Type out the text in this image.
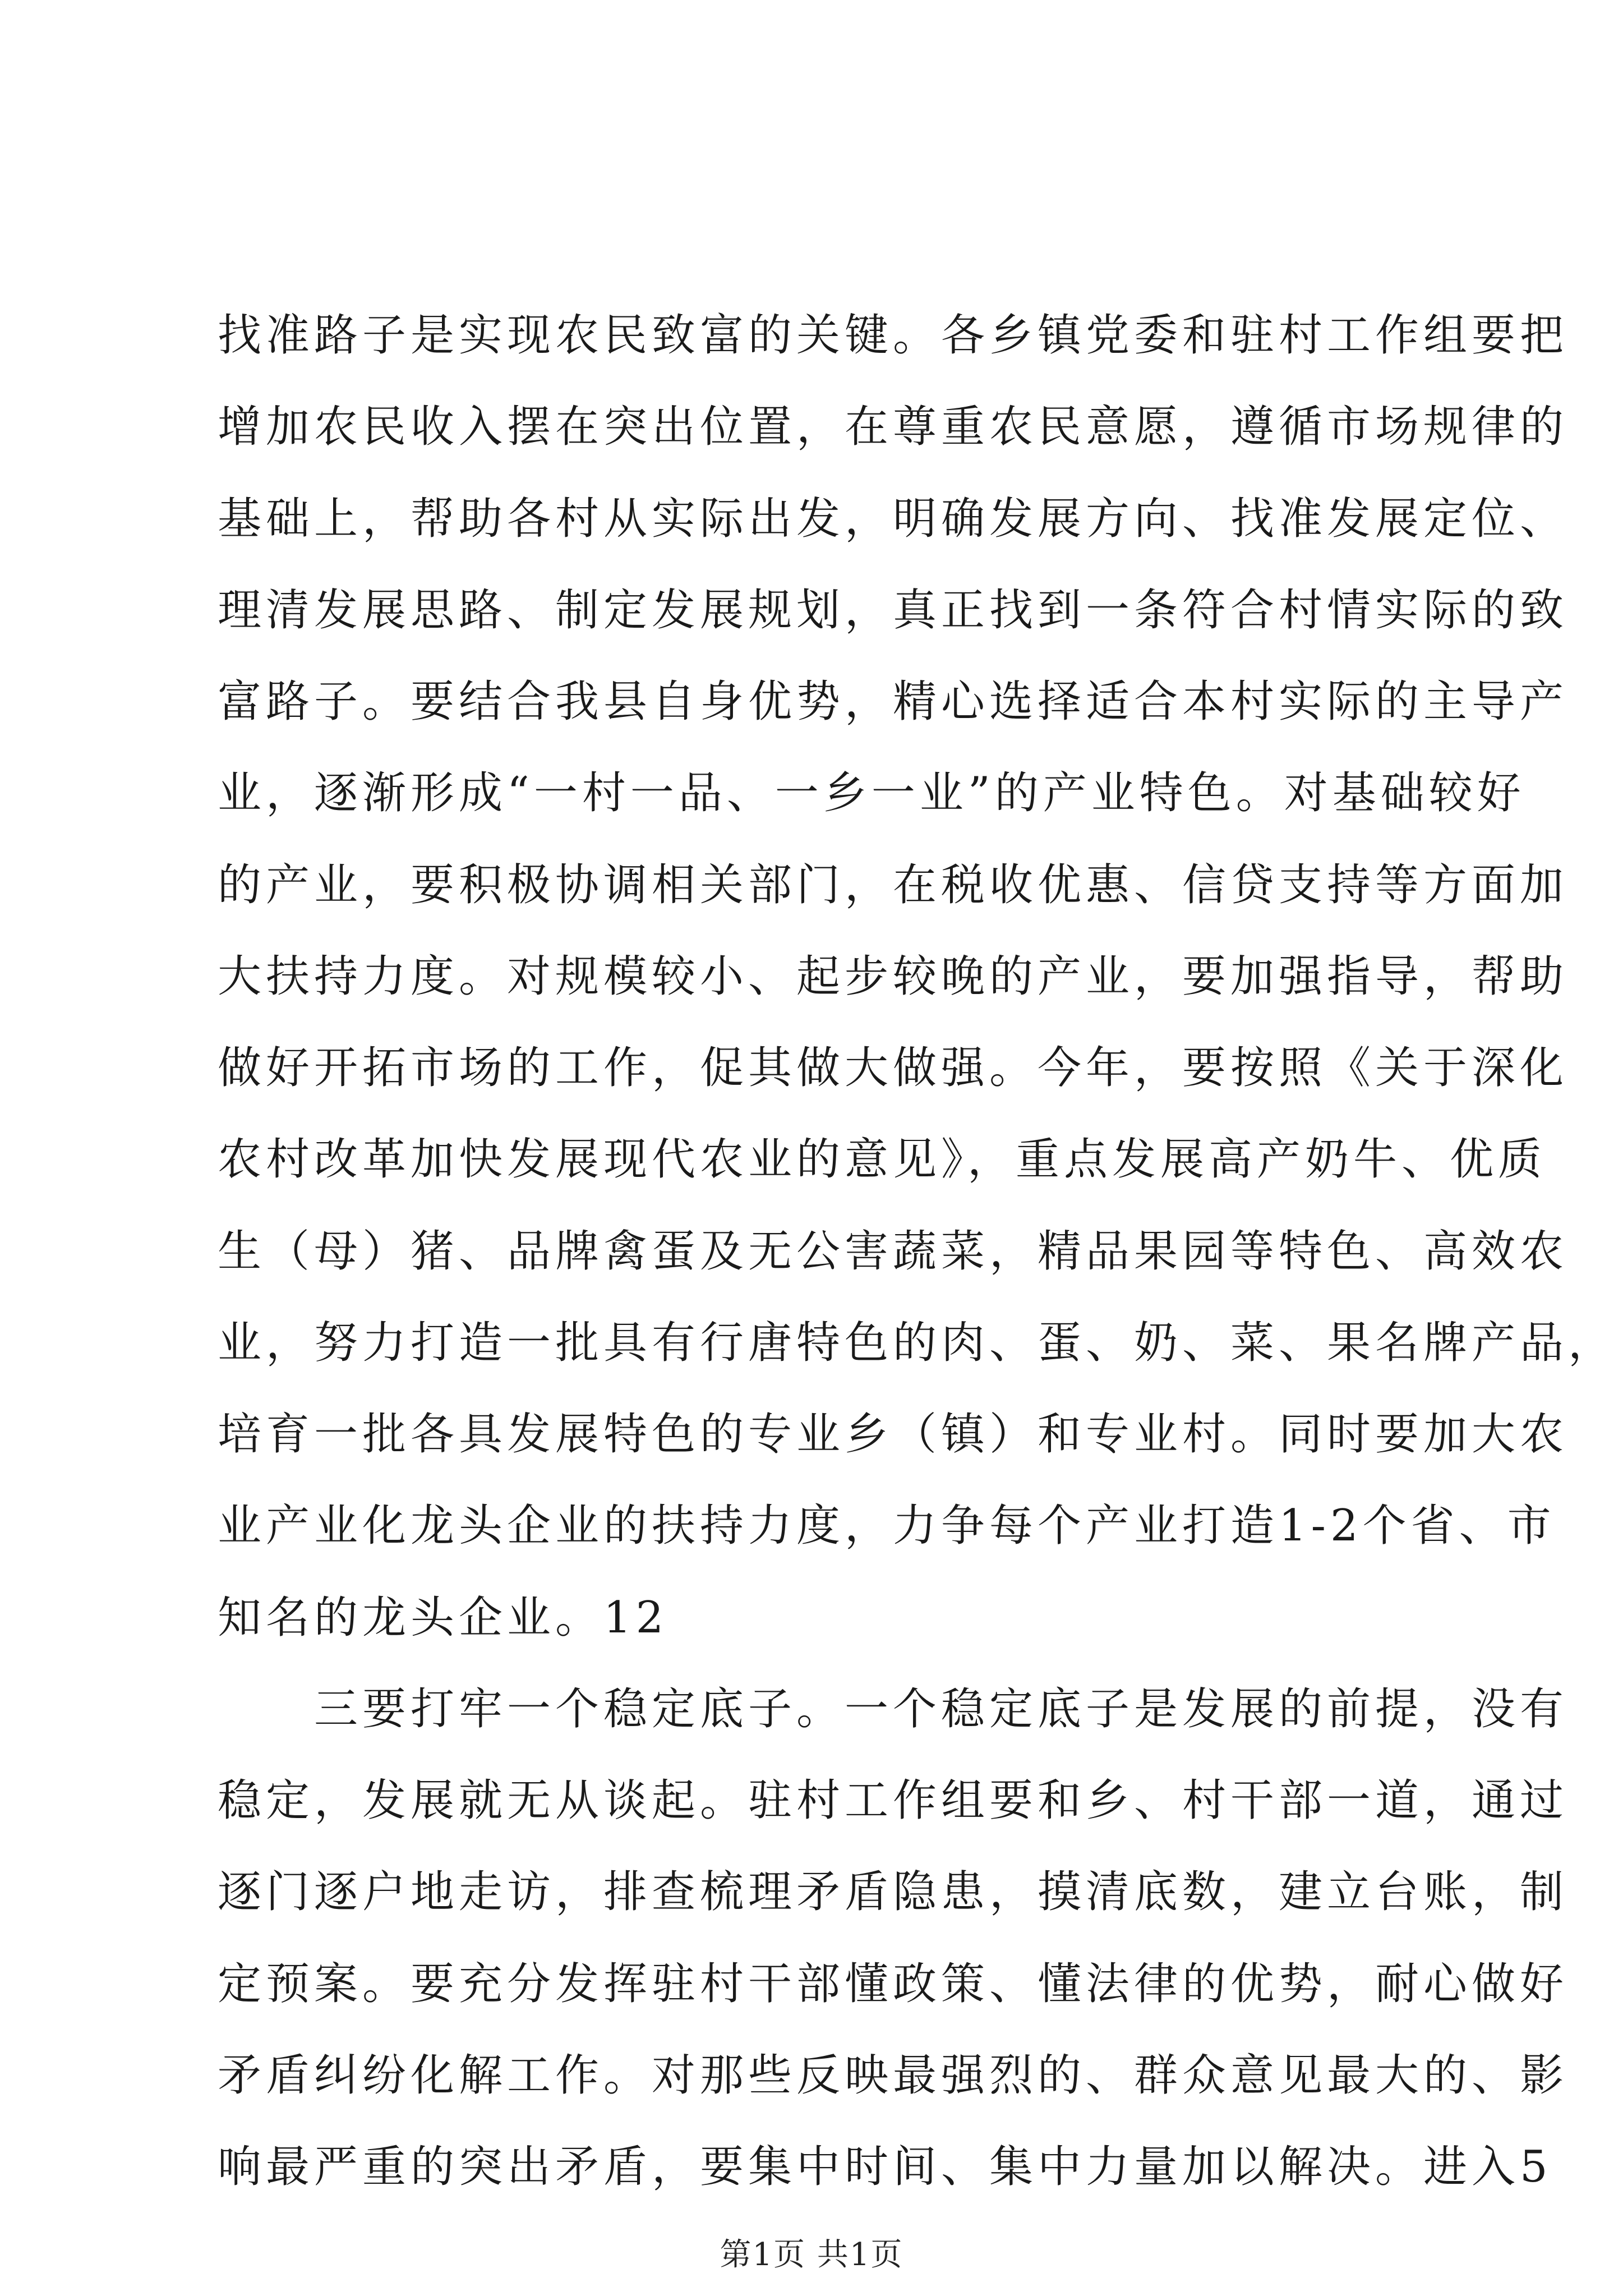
找准路子是实现农民致富的关键。各乡镇党委和驻村工作组要把
增加农民收入摆在突出位置，在尊重农民意愿，遵循市场规律的
基础上，帮助各村从实际出发，明确发展方向、找准发展定位、
理清发展思路、制定发展规划，真正找到一条符合村情实际的致
富路子。要结合我县自身优势，精心选择适合本村实际的主导产
业，逐渐形成“一村一品、一乡一业”的产业特色。对基础较好
的产业，要积极协调相关部门，在税收优惠、信贷支持等方面加
大扶持力度。对规模较小、起步较晚的产业，要加强指导，帮助
做好开拓市场的工作，促其做大做强。今年，要按照《关于深化
农村改革加快发展现代农业的意见》，重点发展高产奶牛、优质
生（母）猪、品牌禽蛋及无公害蔬菜，精品果园等特色、高效农
业，努力打造一批具有行唐特色的肉、蛋、奶、菜、果名牌产品，
培育一批各具发展特色的专业乡（镇）和专业村。同时要加大农
业产业化龙头企业的扶持力度，力争每个产业打造1-2个省、市
知名的龙头企业。12
三要打牢一个稳定底子。一个稳定底子是发展的前提，没有
稳定，发展就无从谈起。驻村工作组要和乡、村干部一道，通过
逐门逐户地走访，排查梳理矛盾隐患，摸清底数，建立台账，制
定预案。要充分发挥驻村干部懂政策、懂法律的优势，耐心做好
矛盾纠纷化解工作。对那些反映最强烈的、群众意见最大的、影
响最严重的突出矛盾，要集中时间、集中力量加以解决。进入5
第1页 共1页
